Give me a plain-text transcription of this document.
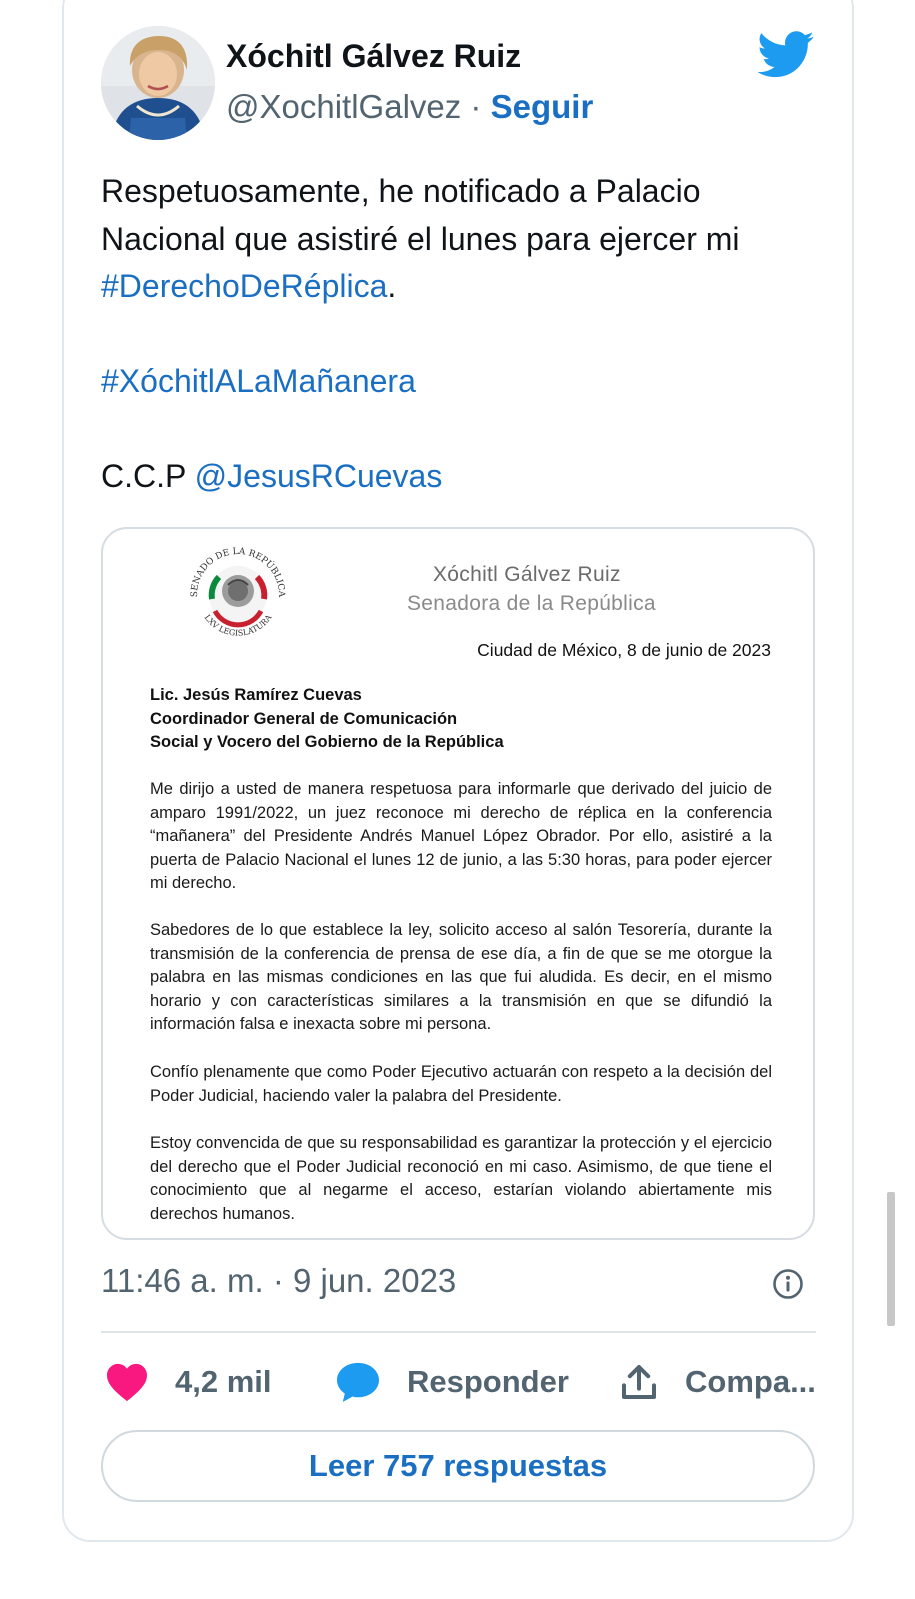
Xóchitl Gálvez Ruiz
@XochitlGalvez · Seguir
Respetuosamente, he notificado a Palacio Nacional que asistiré el lunes para ejercer mi #DerechoDeRéplica.
#XóchitlALaMañanera
C.C.P @JesusRCuevas
SENADO DE LA REPÚBLICA
LXV LEGISLATURA
Xóchitl Gálvez Ruiz
Senadora de la República
Ciudad de México, 8 de junio de 2023
Lic. Jesús Ramírez Cuevas
Coordinador General de Comunicación
Social y Vocero del Gobierno de la República
Me dirijo a usted de manera respetuosa para informarle que derivado del juicio de amparo 1991/2022, un juez reconoce mi derecho de réplica en la conferencia “mañanera” del Presidente Andrés Manuel López Obrador. Por ello, asistiré a la puerta de Palacio Nacional el lunes 12 de junio, a las 5:30 horas, para poder ejercer mi derecho.
Sabedores de lo que establece la ley, solicito acceso al salón Tesorería, durante la transmisión de la conferencia de prensa de ese día, a fin de que se me otorgue la palabra en las mismas condiciones en las que fui aludida. Es decir, en el mismo horario y con características similares a la transmisión en que se difundió la información falsa e inexacta sobre mi persona.
Confío plenamente que como Poder Ejecutivo actuarán con respeto a la decisión del Poder Judicial, haciendo valer la palabra del Presidente.
Estoy convencida de que su responsabilidad es garantizar la protección y el ejercicio del derecho que el Poder Judicial reconoció en mi caso. Asimismo, de que tiene el conocimiento que al negarme el acceso, estarían violando abiertamente mis derechos humanos.
11:46 a. m. · 9 jun. 2023
4,2 mil	Responder	Compa...
Leer 757 respuestas
